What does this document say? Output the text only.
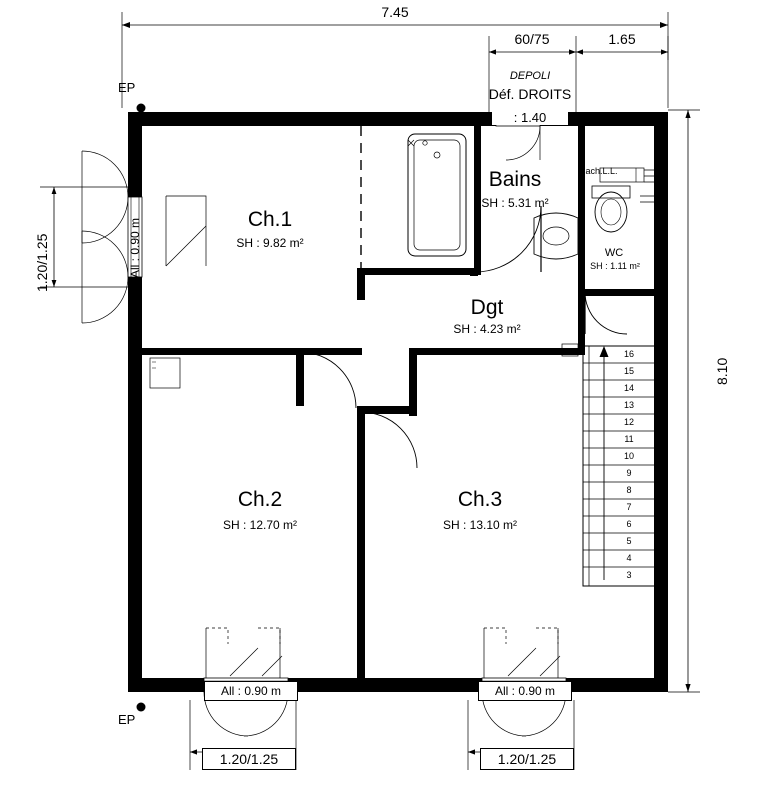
7.45
60/75	1.65
DEPOLI
Déf. DROITS
: 1.40
8.10
1.20/1.25	All : 0.90 m
EP
EP
Ch.1
SH : 9.82 m²
Bains
SH : 5.31 m²
WC
SH : 1.11 m²
Dgt
SH : 4.23 m²
Ch.2
SH : 12.70 m²
Ch.3
SH : 13.10 m²
Mach.L.L.
16
15
14
13
12
11
10
9
8
7
6
5
4
3
All : 0.90 m	All : 0.90 m
1.20/1.25	1.20/1.25
